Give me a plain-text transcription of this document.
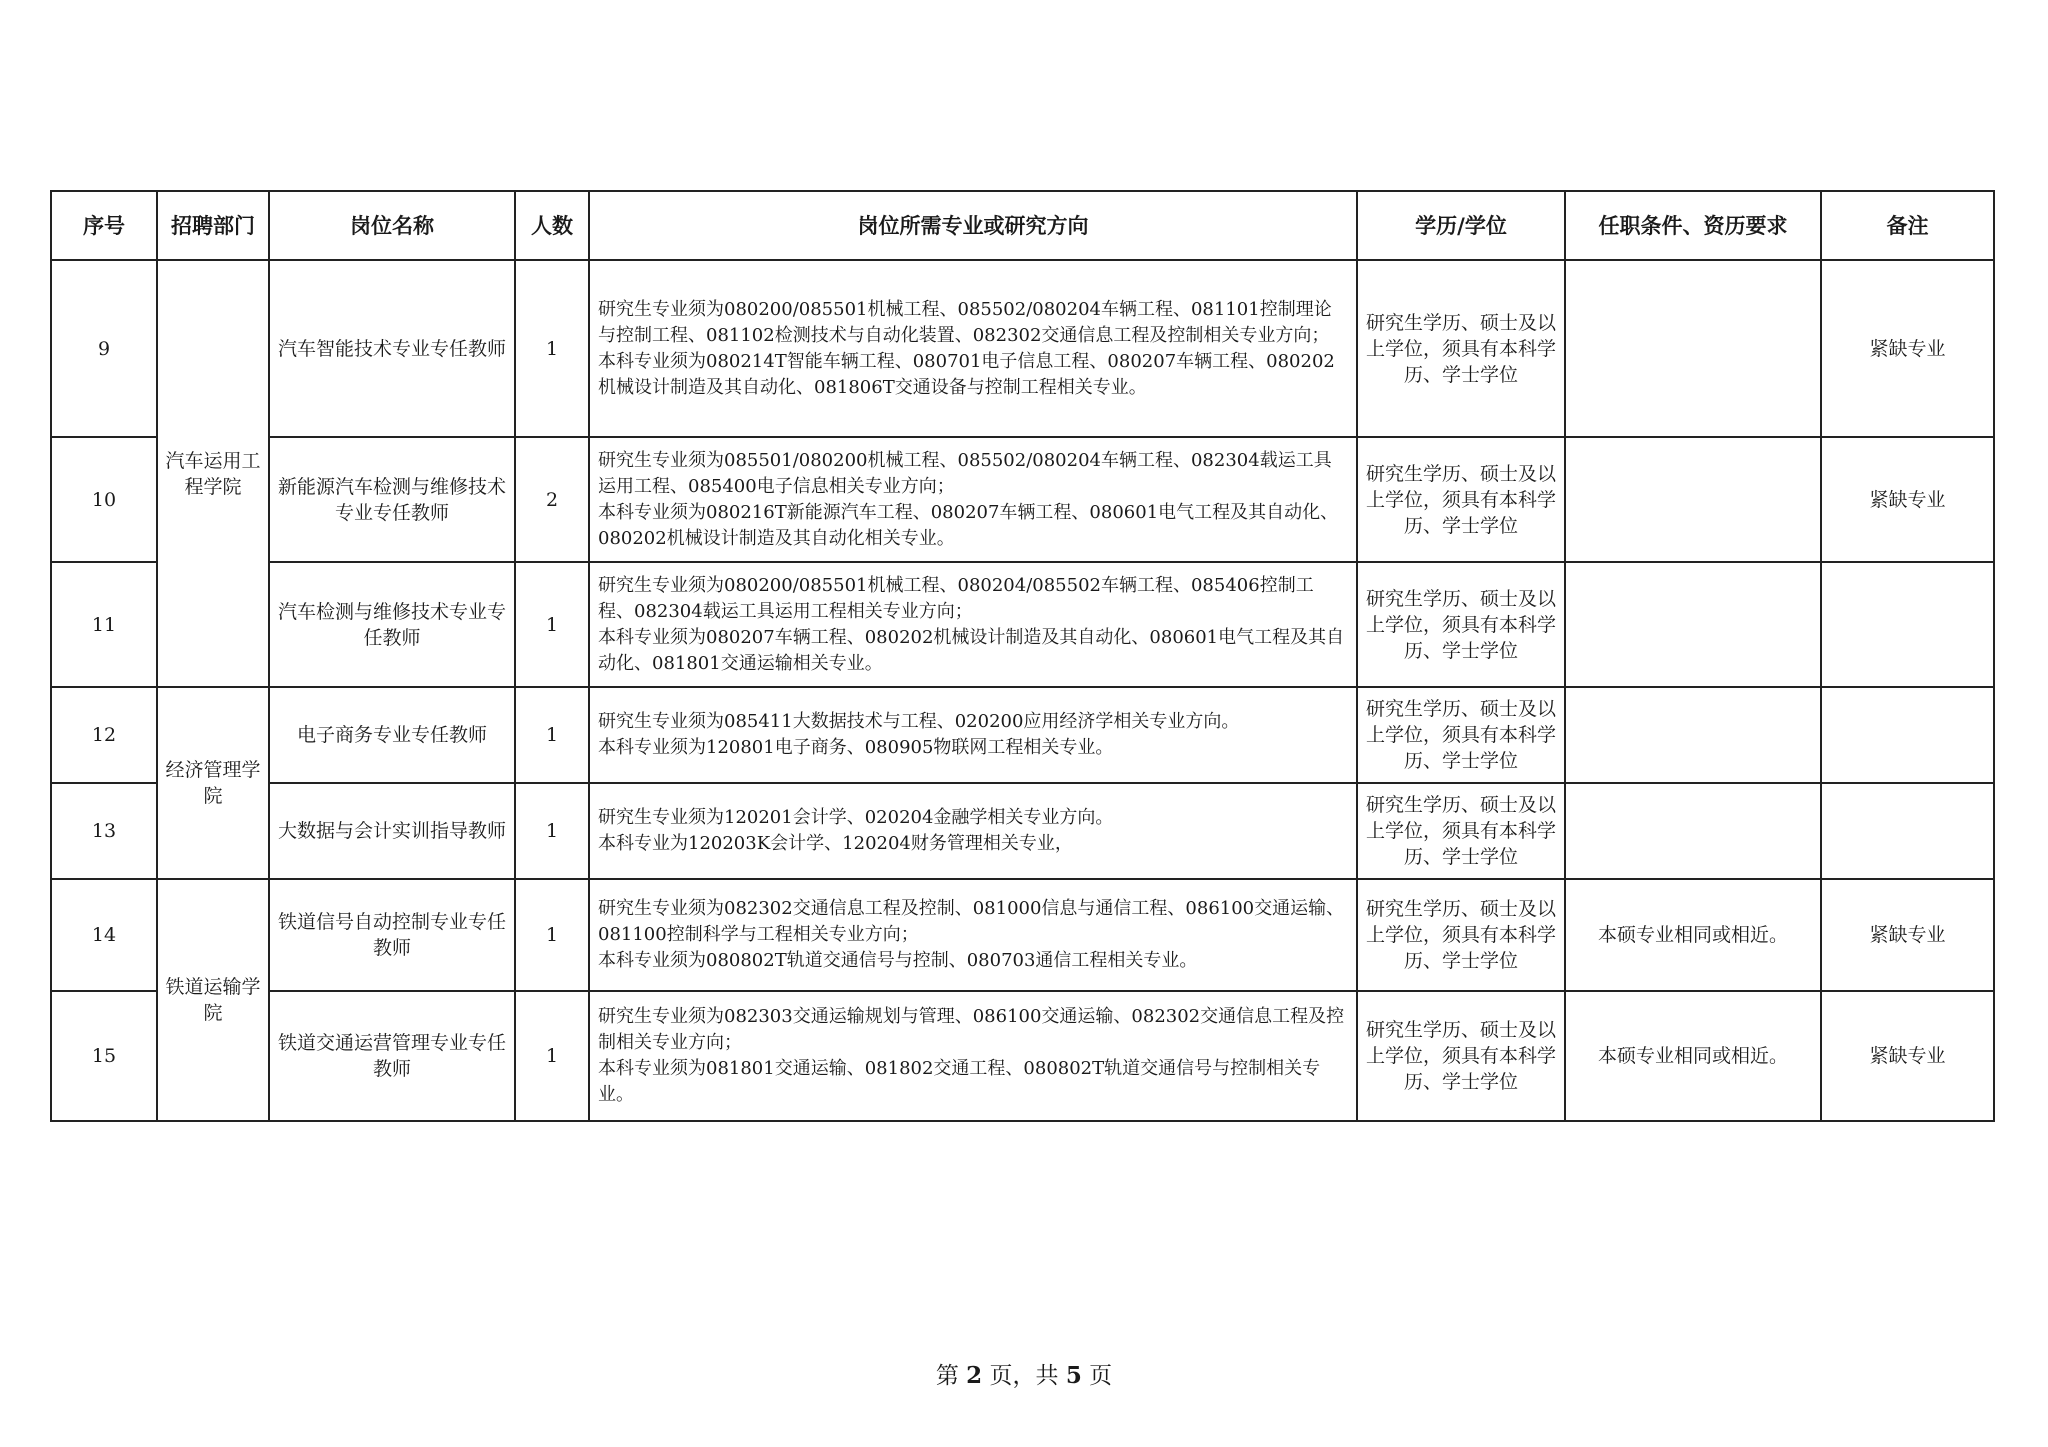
序号	招聘部门	岗位名称	人数	岗位所需专业或研究方向	学历/学位	任职条件、资历要求	备注
9	汽车运用工程学院	汽车智能技术专业专任教师	1	研究生专业须为080200/085501机械工程、085502/080204车辆工程、081101控制理论与控制工程、081102检测技术与自动化装置、082302交通信息工程及控制相关专业方向；
本科专业须为080214T智能车辆工程、080701电子信息工程、080207车辆工程、080202机械设计制造及其自动化、081806T交通设备与控制工程相关专业。	研究生学历、硕士及以上学位，须具有本科学历、学士学位		紧缺专业
10		新能源汽车检测与维修技术专业专任教师	2	研究生专业须为085501/080200机械工程、085502/080204车辆工程、082304载运工具运用工程、085400电子信息相关专业方向；
本科专业须为080216T新能源汽车工程、080207车辆工程、080601电气工程及其自动化、080202机械设计制造及其自动化相关专业。	研究生学历、硕士及以上学位，须具有本科学历、学士学位		紧缺专业
11		汽车检测与维修技术专业专任教师	1	研究生专业须为080200/085501机械工程、080204/085502车辆工程、085406控制工程、082304载运工具运用工程相关专业方向；
本科专业须为080207车辆工程、080202机械设计制造及其自动化、080601电气工程及其自动化、081801交通运输相关专业。	研究生学历、硕士及以上学位，须具有本科学历、学士学位		
12	经济管理学院	电子商务专业专任教师	1	研究生专业须为085411大数据技术与工程、020200应用经济学相关专业方向。
本科专业须为120801电子商务、080905物联网工程相关专业。	研究生学历、硕士及以上学位，须具有本科学历、学士学位		
13		大数据与会计实训指导教师	1	研究生专业须为120201会计学、020204金融学相关专业方向。
本科专业为120203K会计学、120204财务管理相关专业，	研究生学历、硕士及以上学位，须具有本科学历、学士学位		
14	铁道运输学院	铁道信号自动控制专业专任教师	1	研究生专业须为082302交通信息工程及控制、081000信息与通信工程、086100交通运输、081100控制科学与工程相关专业方向；
本科专业须为080802T轨道交通信号与控制、080703通信工程相关专业。	研究生学历、硕士及以上学位，须具有本科学历、学士学位	本硕专业相同或相近。	紧缺专业
15		铁道交通运营管理专业专任教师	1	研究生专业须为082303交通运输规划与管理、086100交通运输、082302交通信息工程及控制相关专业方向；
本科专业须为081801交通运输、081802交通工程、080802T轨道交通信号与控制相关专业。	研究生学历、硕士及以上学位，须具有本科学历、学士学位	本硕专业相同或相近。	紧缺专业
第 2 页，共 5 页
